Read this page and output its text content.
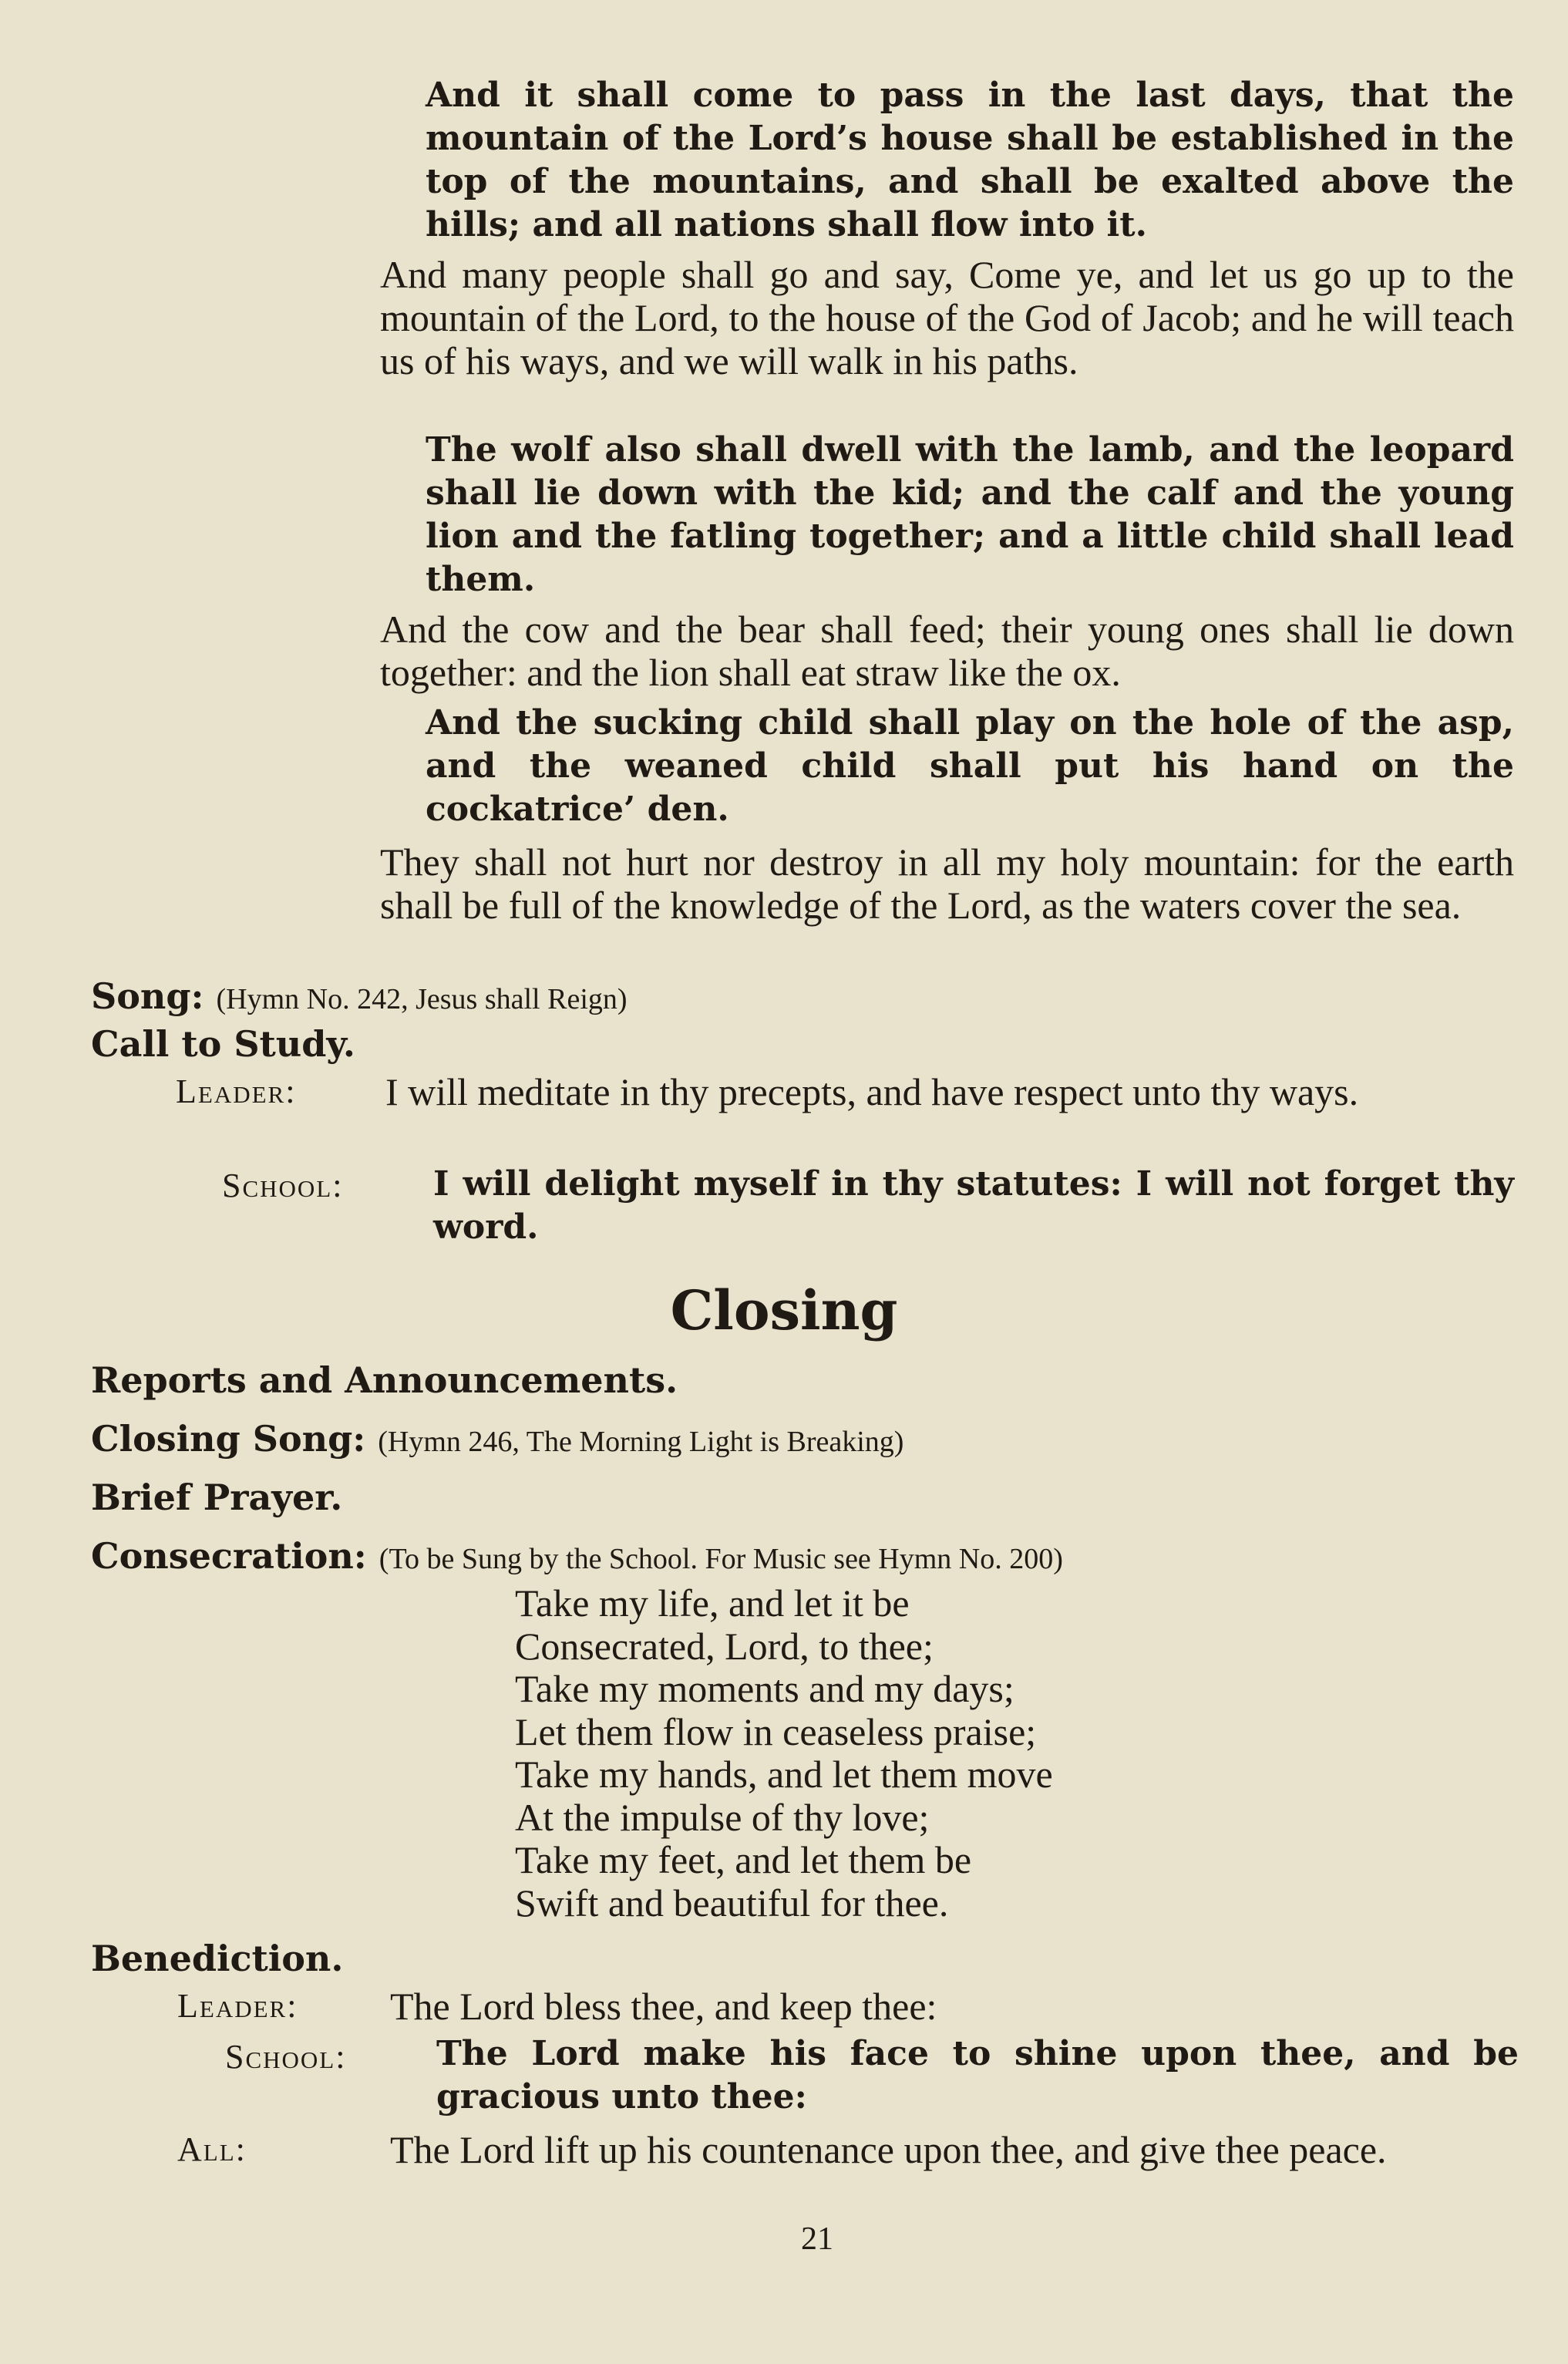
And it shall come to pass in the last days, that the mountain of the Lord’s house shall be established in the top of the mountains, and shall be exalted above the hills; and all nations shall flow into it.
And many people shall go and say, Come ye, and let us go up to the mountain of the Lord, to the house of the God of Jacob; and he will teach us of his ways, and we will walk in his paths.
The wolf also shall dwell with the lamb, and the leopard shall lie down with the kid; and the calf and the young lion and the fatling together; and a little child shall lead them.
And the cow and the bear shall feed; their young ones shall lie down together: and the lion shall eat straw like the ox.
And the sucking child shall play on the hole of the asp, and the weaned child shall put his hand on the cockatrice’ den.
They shall not hurt nor destroy in all my holy mountain: for the earth shall be full of the knowledge of the Lord, as the waters cover the sea.
Song: (Hymn No. 242, Jesus shall Reign)
Call to Study.
Leader: I will meditate in thy precepts, and have respect unto thy ways.
School:	I will delight myself in thy statutes: I will not forget thy word.
Closing
Reports and Announcements.
Closing Song: (Hymn 246, The Morning Light is Breaking)
Brief Prayer.
Consecration: (To be Sung by the School. For Music see Hymn No. 200)
Take my life, and let it be
Consecrated, Lord, to thee;
Take my moments and my days;
Let them flow in ceaseless praise;
Take my hands, and let them move
At the impulse of thy love;
Take my feet, and let them be
Swift and beautiful for thee.
Benediction.
Leader: The Lord bless thee, and keep thee:
School:	The Lord make his face to shine upon thee, and be gracious unto thee:
All:	The Lord lift up his countenance upon thee, and give thee peace.
21
